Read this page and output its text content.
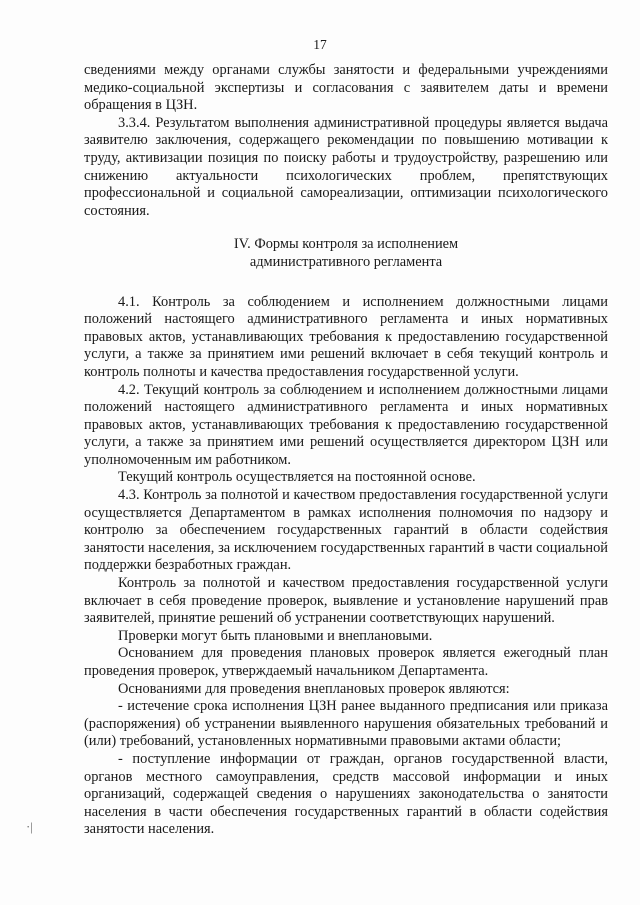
17

сведениями между органами службы занятости и федеральными учреждениями медико-социальной экспертизы и согласования с заявителем даты и времени обращения в ЦЗН.

3.3.4. Результатом выполнения административной процедуры является выдача заявителю заключения, содержащего рекомендации по повышению мотивации к труду, активизации позиция по поиску работы и трудоустройству, разрешению или снижению актуальности психологических проблем, препятствующих профессиональной и социальной самореализации, оптимизации психологического состояния.

IV. Формы контроля за исполнением
административного регламента

4.1. Контроль за соблюдением и исполнением должностными лицами положений настоящего административного регламента и иных нормативных правовых актов, устанавливающих требования к предоставлению государственной услуги, а также за принятием ими решений включает в себя текущий контроль и контроль полноты и качества предоставления государственной услуги.

4.2. Текущий контроль за соблюдением и исполнением должностными лицами положений настоящего административного регламента и иных нормативных правовых актов, устанавливающих требования к предоставлению государственной услуги, а также за принятием ими решений осуществляется директором ЦЗН или уполномоченным им работником.

Текущий контроль осуществляется на постоянной основе.

4.3. Контроль за полнотой и качеством предоставления государственной услуги осуществляется Департаментом в рамках исполнения полномочия по надзору и контролю за обеспечением государственных гарантий в области содействия занятости населения, за исключением государственных гарантий в части социальной поддержки безработных граждан.

Контроль за полнотой и качеством предоставления государственной услуги включает в себя проведение проверок, выявление и установление нарушений прав заявителей, принятие решений об устранении соответствующих нарушений.

Проверки могут быть плановыми и внеплановыми.

Основанием для проведения плановых проверок является ежегодный план проведения проверок, утверждаемый начальником Департамента.

Основаниями для проведения внеплановых проверок являются:

- истечение срока исполнения ЦЗН ранее выданного предписания или приказа (распоряжения) об устранении выявленного нарушения обязательных требований и (или) требований, установленных нормативными правовыми актами области;

- поступление информации от граждан, органов государственной власти, органов местного самоуправления, средств массовой информации и иных организаций, содержащей сведения о нарушениях законодательства о занятости населения в части обеспечения государственных гарантий в области содействия занятости населения.

·|
